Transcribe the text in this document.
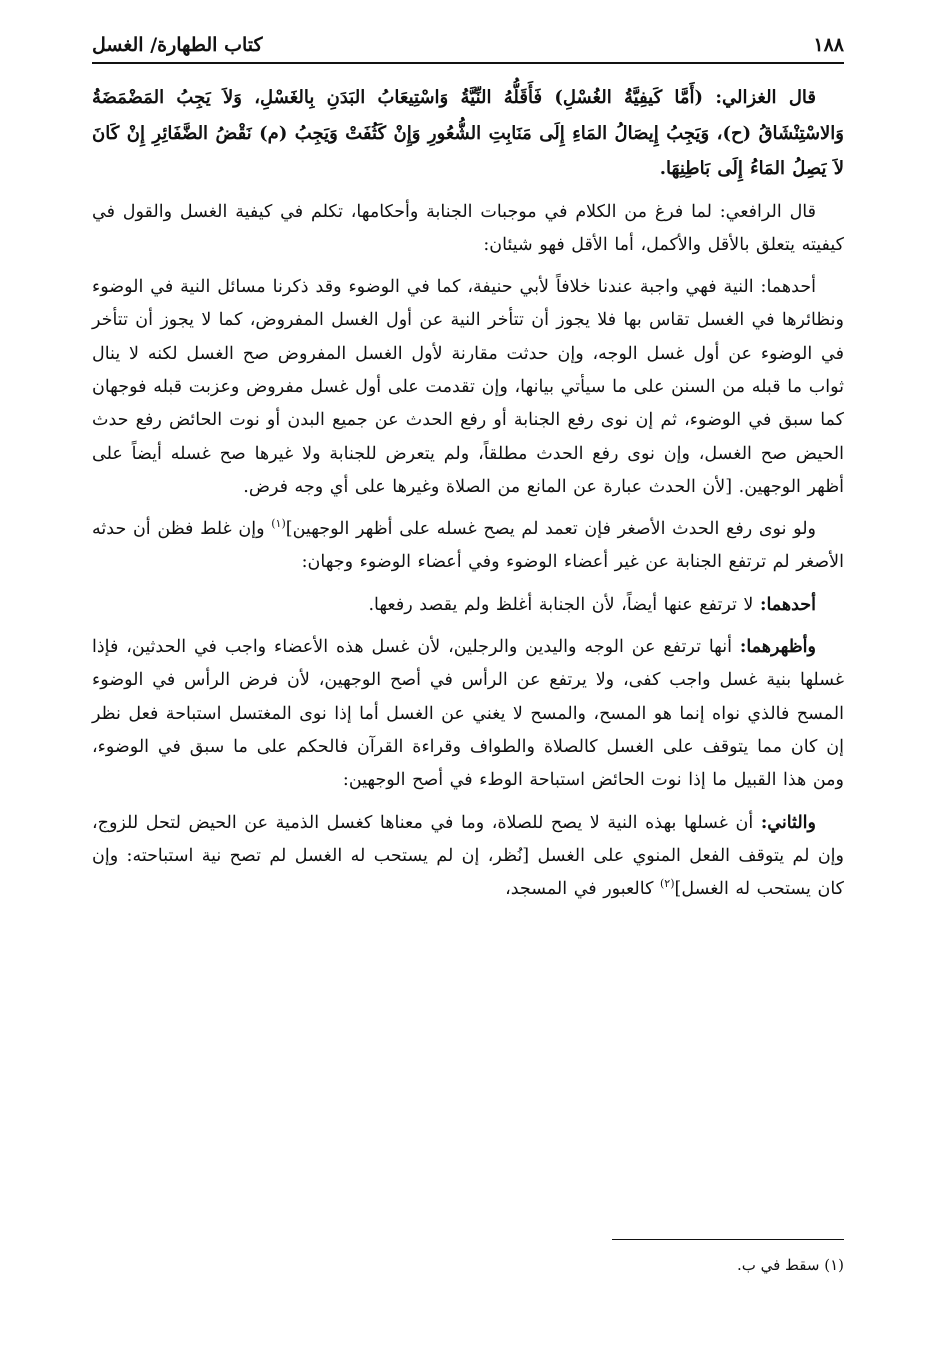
١٨٨
كتاب الطهارة/ الغسل

قال الغزالي: (أَمَّا كَيفِيَّةُ الغُسْلِ) فَأَقَلُّهُ النِّيَّةُ وَاسْتِيعَابُ البَدَنِ بِالغَسْلِ، وَلاَ يَجِبُ المَضْمَضَةُ وَالاسْتِنْشَاقُ (ح)، وَيَجِبُ إِيصَالُ المَاءِ إِلَى مَنَابِتِ الشُّعُورِ وَإِنْ كَثُفَتْ وَيَجِبُ (م) نَقْضُ الضَّفَائِرِ إِنْ كَانَ لاَ يَصِلُ المَاءُ إِلَى بَاطِنِهَا.

قال الرافعي: لما فرغ من الكلام في موجبات الجنابة وأحكامها، تكلم في كيفية الغسل والقول في كيفيته يتعلق بالأقل والأكمل، أما الأقل فهو شيئان:

أحدهما: النية فهي واجبة عندنا خلافاً لأبي حنيفة، كما في الوضوء وقد ذكرنا مسائل النية في الوضوء ونظائرها في الغسل تقاس بها فلا يجوز أن تتأخر النية عن أول الغسل المفروض، كما لا يجوز أن تتأخر في الوضوء عن أول غسل الوجه، وإن حدثت مقارنة لأول الغسل المفروض صح الغسل لكنه لا ينال ثواب ما قبله من السنن على ما سيأتي بيانها، وإن تقدمت على أول غسل مفروض وعزبت قبله فوجهان كما سبق في الوضوء، ثم إن نوى رفع الجنابة أو رفع الحدث عن جميع البدن أو نوت الحائض رفع حدث الحيض صح الغسل، وإن نوى رفع الحدث مطلقاً، ولم يتعرض للجنابة ولا غيرها صح غسله أيضاً على أظهر الوجهين. [لأن الحدث عبارة عن المانع من الصلاة وغيرها على أي وجه فرض.

ولو نوى رفع الحدث الأصغر فإن تعمد لم يصح غسله على أظهر الوجهين]$^{(١)}$ وإن غلط فظن أن حدثه الأصغر لم ترتفع الجنابة عن غير أعضاء الوضوء وفي أعضاء الوضوء وجهان:

أحدهما: لا ترتفع عنها أيضاً، لأن الجنابة أغلظ ولم يقصد رفعها.

وأظهرهما: أنها ترتفع عن الوجه واليدين والرجلين، لأن غسل هذه الأعضاء واجب في الحدثين، فإذا غسلها بنية غسل واجب كفى، ولا يرتفع عن الرأس في أصح الوجهين، لأن فرض الرأس في الوضوء المسح فالذي نواه إنما هو المسح، والمسح لا يغني عن الغسل أما إذا نوى المغتسل استباحة فعل نظر إن كان مما يتوقف على الغسل كالصلاة والطواف وقراءة القرآن فالحكم على ما سبق في الوضوء، ومن هذا القبيل ما إذا نوت الحائض استباحة الوطء في أصح الوجهين:

والثاني: أن غسلها بهذه النية لا يصح للصلاة، وما في معناها كغسل الذمية عن الحيض لتحل للزوج، وإن لم يتوقف الفعل المنوي على الغسل [نُظر، إن لم يستحب له الغسل لم تصح نية استباحته: وإن كان يستحب له الغسل]$^{(٢)}$ كالعبور في المسجد،

(١) سقط في ب.
